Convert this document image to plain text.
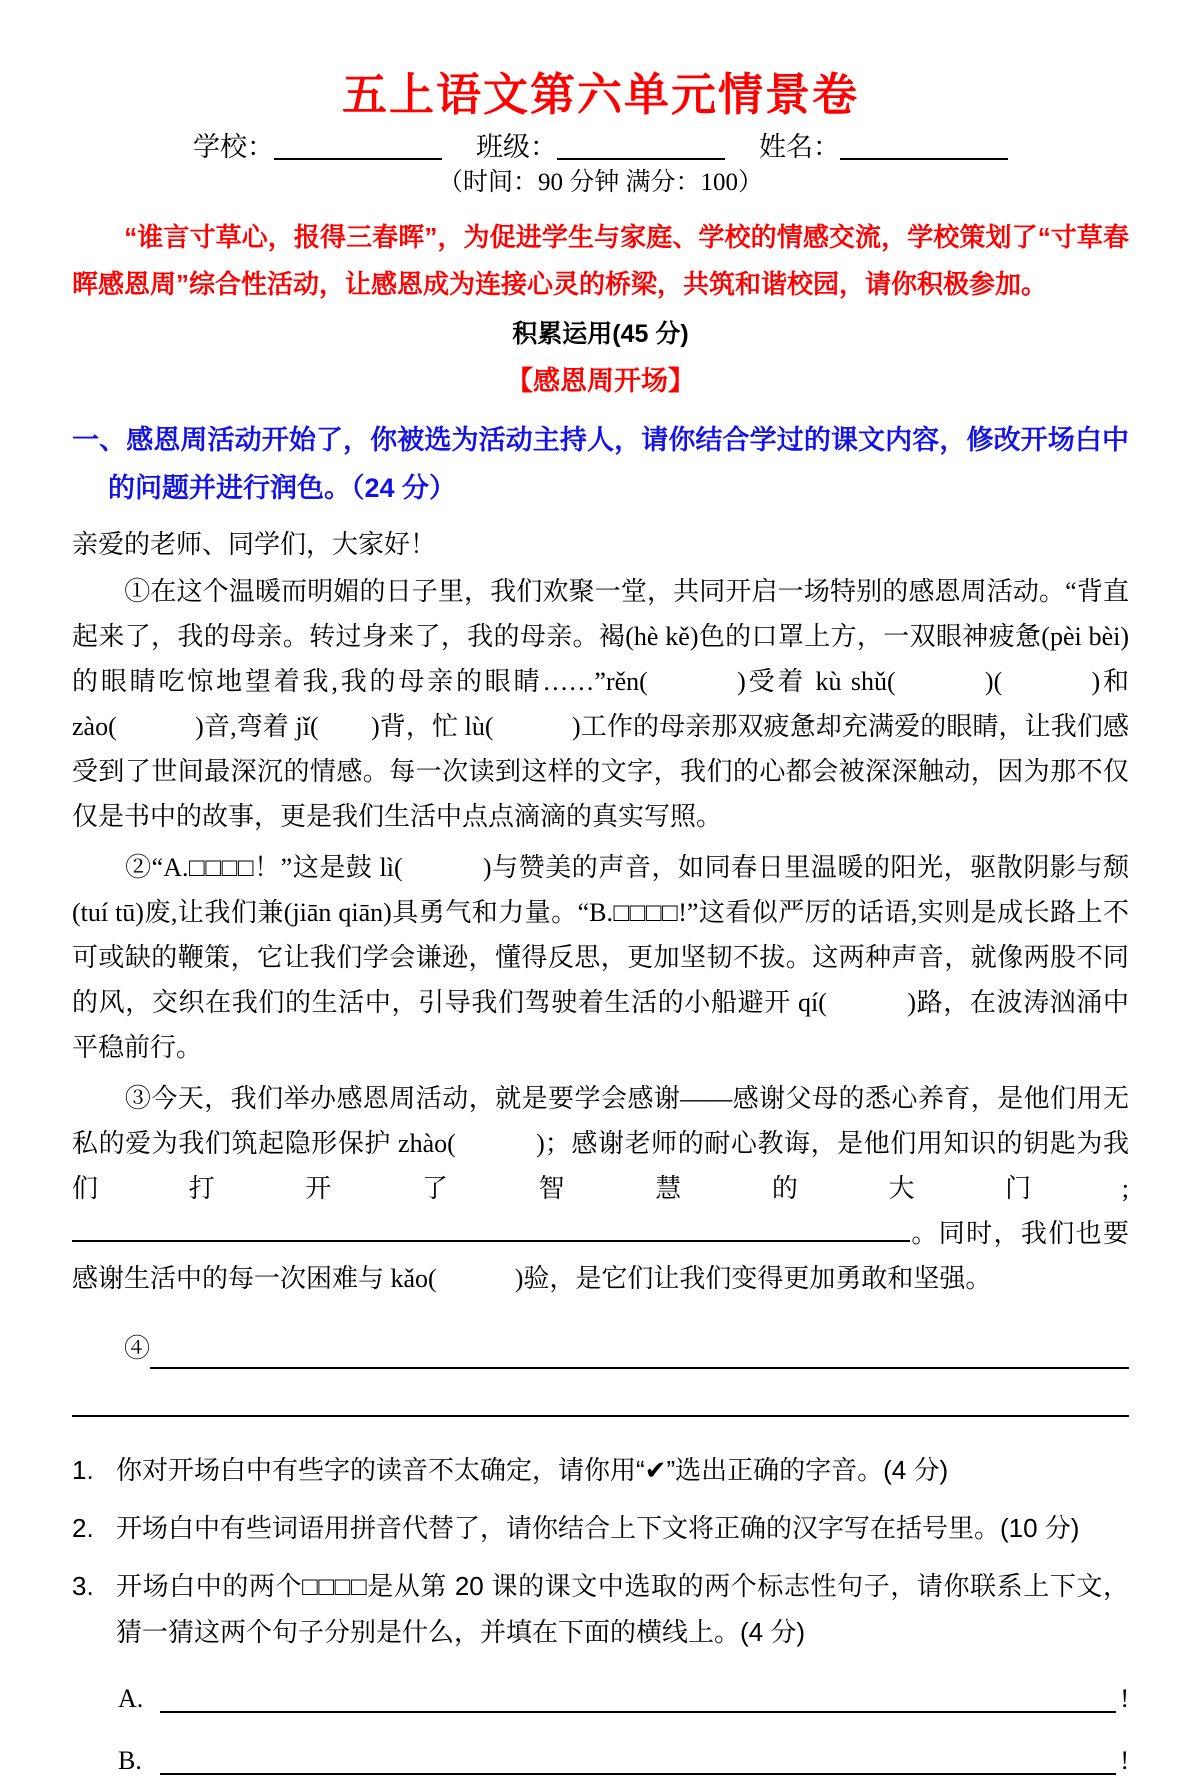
五上语文第六单元情景卷
学校：	班级：	姓名：
（时间：90 分钟 满分：100）

　　“谁言寸草心，报得三春晖”，为促进学生与家庭、学校的情感交流，学校策划了“寸草春晖感恩周”综合性活动，让感恩成为连接心灵的桥梁，共筑和谐校园，请你积极参加。

积累运用(45 分)
【感恩周开场】
一、感恩周活动开始了，你被选为活动主持人，请你结合学过的课文内容，修改开场白中的问题并进行润色。（24 分）

亲爱的老师、同学们，大家好！

　　①在这个温暖而明媚的日子里，我们欢聚一堂，共同开启一场特别的感恩周活动。“背直起来了，我的母亲。转过身来了，我的母亲。褐(hè kě)色的口罩上方，一双眼神疲惫(pèi bèi)的眼睛吃惊地望着我,我的母亲的眼睛……”rěn(　　　)受着 kù shǔ(　　　)(　　　)和 zào(　　　)音,弯着 jǐ(　　)背，忙 lù(　　　)工作的母亲那双疲惫却充满爱的眼睛，让我们感受到了世间最深沉的情感。每一次读到这样的文字，我们的心都会被深深触动，因为那不仅仅是书中的故事，更是我们生活中点点滴滴的真实写照。

　　②“A.□□□□！”这是鼓 lì(　　　)与赞美的声音，如同春日里温暖的阳光，驱散阴影与颓(tuí tū)废,让我们兼(jiān qiān)具勇气和力量。“B.□□□□!”这看似严厉的话语,实则是成长路上不可或缺的鞭策，它让我们学会谦逊，懂得反思，更加坚韧不拔。这两种声音，就像两股不同的风，交织在我们的生活中，引导我们驾驶着生活的小船避开 qí(　　　)路，在波涛汹涌中平稳前行。

　　③今天，我们举办感恩周活动，就是要学会感谢——感谢父母的悉心养育，是他们用无私的爱为我们筑起隐形保护 zhào(　　　)；感谢老师的耐心教诲，是他们用知识的钥匙为我们打开了智慧的大门;。同时，我们也要感谢生活中的每一次困难与 kǎo(　　　)验，是它们让我们变得更加勇敢和坚强。

　　④
1. 你对开场白中有些字的读音不太确定，请你用“✔”选出正确的字音。(4 分)
2. 开场白中有些词语用拼音代替了，请你结合上下文将正确的汉字写在括号里。(10 分)
3. 开场白中的两个□□□□是从第 20 课的课文中选取的两个标志性句子，请你联系上下文，猜一猜这两个句子分别是什么，并填在下面的横线上。(4 分)
A.	!
B.	!
